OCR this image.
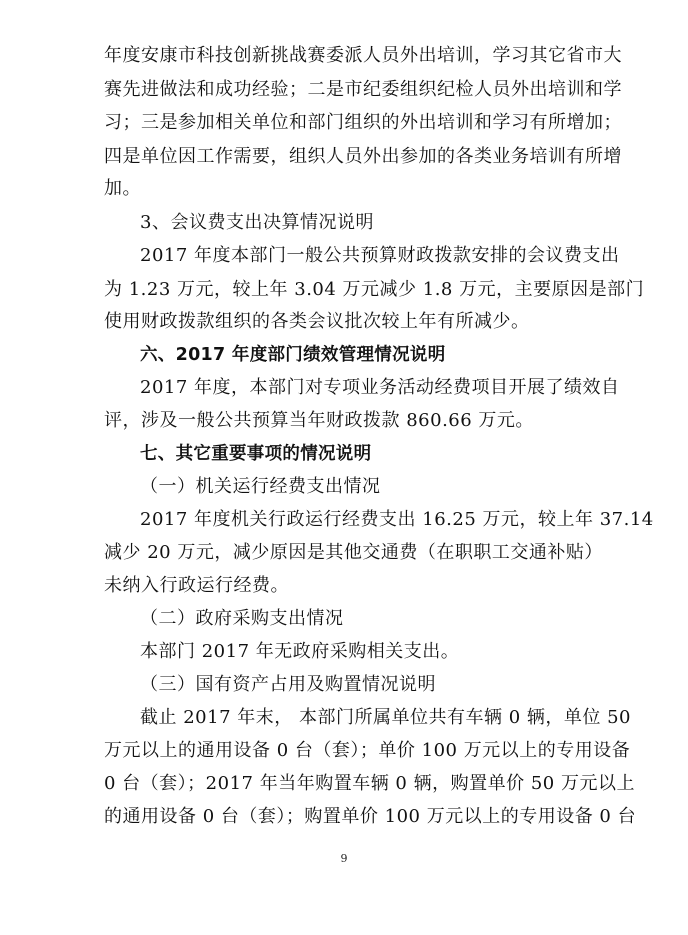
年度安康市科技创新挑战赛委派人员外出培训，学习其它省市大
赛先进做法和成功经验；二是市纪委组织纪检人员外出培训和学
习；三是参加相关单位和部门组织的外出培训和学习有所增加；
四是单位因工作需要，组织人员外出参加的各类业务培训有所增
加。
3、会议费支出决算情况说明
2017 年度本部门一般公共预算财政拨款安排的会议费支出
为 1.23 万元，较上年 3.04 万元减少 1.8 万元，主要原因是部门
使用财政拨款组织的各类会议批次较上年有所减少。
六、2017 年度部门绩效管理情况说明
2017 年度，本部门对专项业务活动经费项目开展了绩效自
评，涉及一般公共预算当年财政拨款 860.66 万元。
七、其它重要事项的情况说明
（一）机关运行经费支出情况
2017 年度机关行政运行经费支出 16.25 万元，较上年 37.14
减少 20 万元，减少原因是其他交通费（在职职工交通补贴）
未纳入行政运行经费。
（二）政府采购支出情况
本部门 2017 年无政府采购相关支出。
（三）国有资产占用及购置情况说明
截止 2017 年末， 本部门所属单位共有车辆 0 辆，单位 50
万元以上的通用设备 0 台（套）；单价 100 万元以上的专用设备
0 台（套）；2017 年当年购置车辆 0 辆，购置单价 50 万元以上
的通用设备 0 台（套）；购置单价 100 万元以上的专用设备 0 台
9
